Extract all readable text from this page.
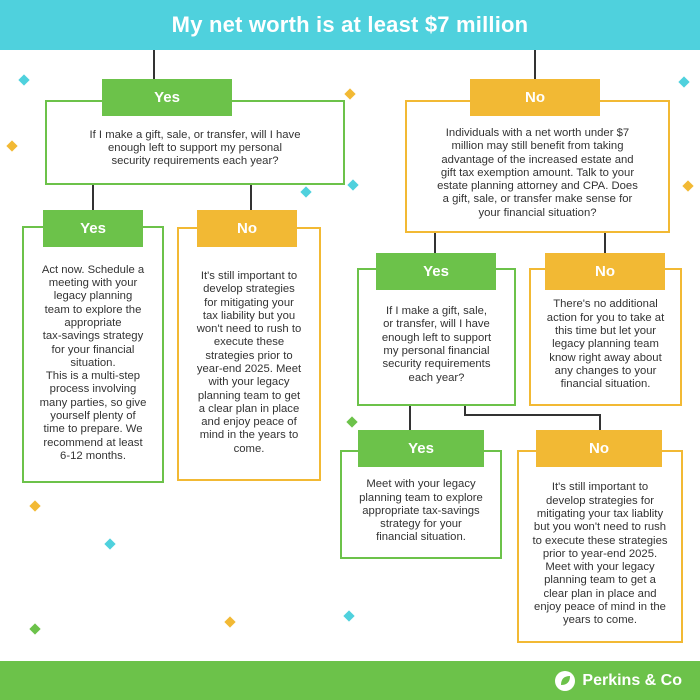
My net worth is at least $7 million
If I make a gift, sale, or transfer, will I have
enough left to support my personal
security requirements each year?
Yes
Act now. Schedule a
meeting with your
legacy planning
team to explore the
appropriate
tax-savings strategy
for your financial
situation.
This is a multi-step
process involving
many parties, so give
yourself plenty of
time to prepare. We
recommend at least
6-12 months.
Yes
It's still important to
develop strategies
for mitigating your
tax liability but you
won't need to rush to
execute these
strategies prior to
year-end 2025. Meet
with your legacy
planning team to get
a clear plan in place
and enjoy peace of
mind in the years to
come.
No
Individuals with a net worth under $7
million may still benefit from taking
advantage of the increased estate and
gift tax exemption amount. Talk to your
estate planning attorney and CPA. Does
a gift, sale, or transfer make sense for
your financial situation?
No
If I make a gift, sale,
or transfer, will I have
enough left to support
my personal financial
security requirements
each year?
Yes
There's no additional
action for you to take at
this time but let your
legacy planning team
know right away about
any changes to your
financial situation.
No
Meet with your legacy
planning team to explore
appropriate tax-savings
strategy for your
financial situation.
Yes
It's still important to
develop strategies for
mitigating your tax liablity
but you won't need to rush
to execute these strategies
prior to year-end 2025.
Meet with your legacy
planning team to get a
clear plan in place and
enjoy peace of mind in the
years to come.
No
Perkins & Co
